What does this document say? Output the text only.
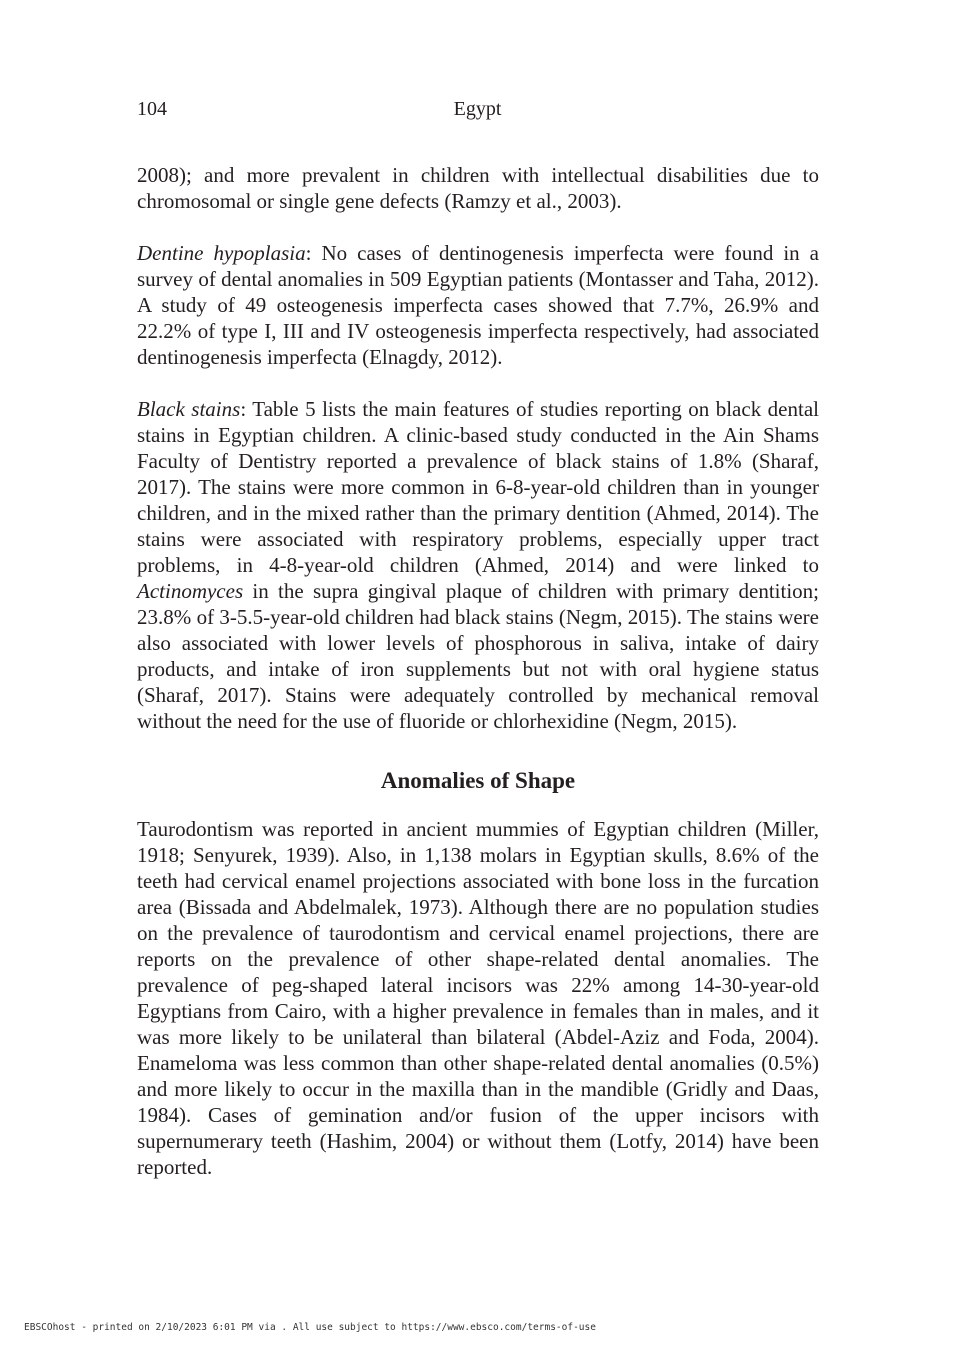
104	Egypt

2008); and more prevalent in children with intellectual disabilities due to chromosomal or single gene defects (Ramzy et al., 2003).

Dentine hypoplasia: No cases of dentinogenesis imperfecta were found in a survey of dental anomalies in 509 Egyptian patients (Montasser and Taha, 2012). A study of 49 osteogenesis imperfecta cases showed that 7.7%, 26.9% and 22.2% of type I, III and IV osteogenesis imperfecta respectively, had associated dentinogenesis imperfecta (Elnagdy, 2012).

Black stains: Table 5 lists the main features of studies reporting on black dental stains in Egyptian children. A clinic-based study conducted in the Ain Shams Faculty of Dentistry reported a prevalence of black stains of 1.8% (Sharaf, 2017). The stains were more common in 6-8-year-old children than in younger children, and in the mixed rather than the primary dentition (Ahmed, 2014). The stains were associated with respiratory problems, especially upper tract problems, in 4-8-year-old children (Ahmed, 2014) and were linked to Actinomyces in the supra gingival plaque of children with primary dentition; 23.8% of 3-5.5-year-old children had black stains (Negm, 2015). The stains were also associated with lower levels of phosphorous in saliva, intake of dairy products, and intake of iron supplements but not with oral hygiene status (Sharaf, 2017). Stains were adequately controlled by mechanical removal without the need for the use of fluoride or chlorhexidine (Negm, 2015).

Anomalies of Shape

Taurodontism was reported in ancient mummies of Egyptian children (Miller, 1918; Senyurek, 1939). Also, in 1,138 molars in Egyptian skulls, 8.6% of the teeth had cervical enamel projections associated with bone loss in the furcation area (Bissada and Abdelmalek, 1973). Although there are no population studies on the prevalence of taurodontism and cervical enamel projections, there are reports on the prevalence of other shape-related dental anomalies. The prevalence of peg-shaped lateral incisors was 22% among 14-30-year-old Egyptians from Cairo, with a higher prevalence in females than in males, and it was more likely to be unilateral than bilateral (Abdel-Aziz and Foda, 2004). Enameloma was less common than other shape-related dental anomalies (0.5%) and more likely to occur in the maxilla than in the mandible (Gridly and Daas, 1984). Cases of gemination and/or fusion of the upper incisors with supernumerary teeth (Hashim, 2004) or without them (Lotfy, 2014) have been reported.

EBSCOhost - printed on 2/10/2023 6:01 PM via . All use subject to https://www.ebsco.com/terms-of-use
